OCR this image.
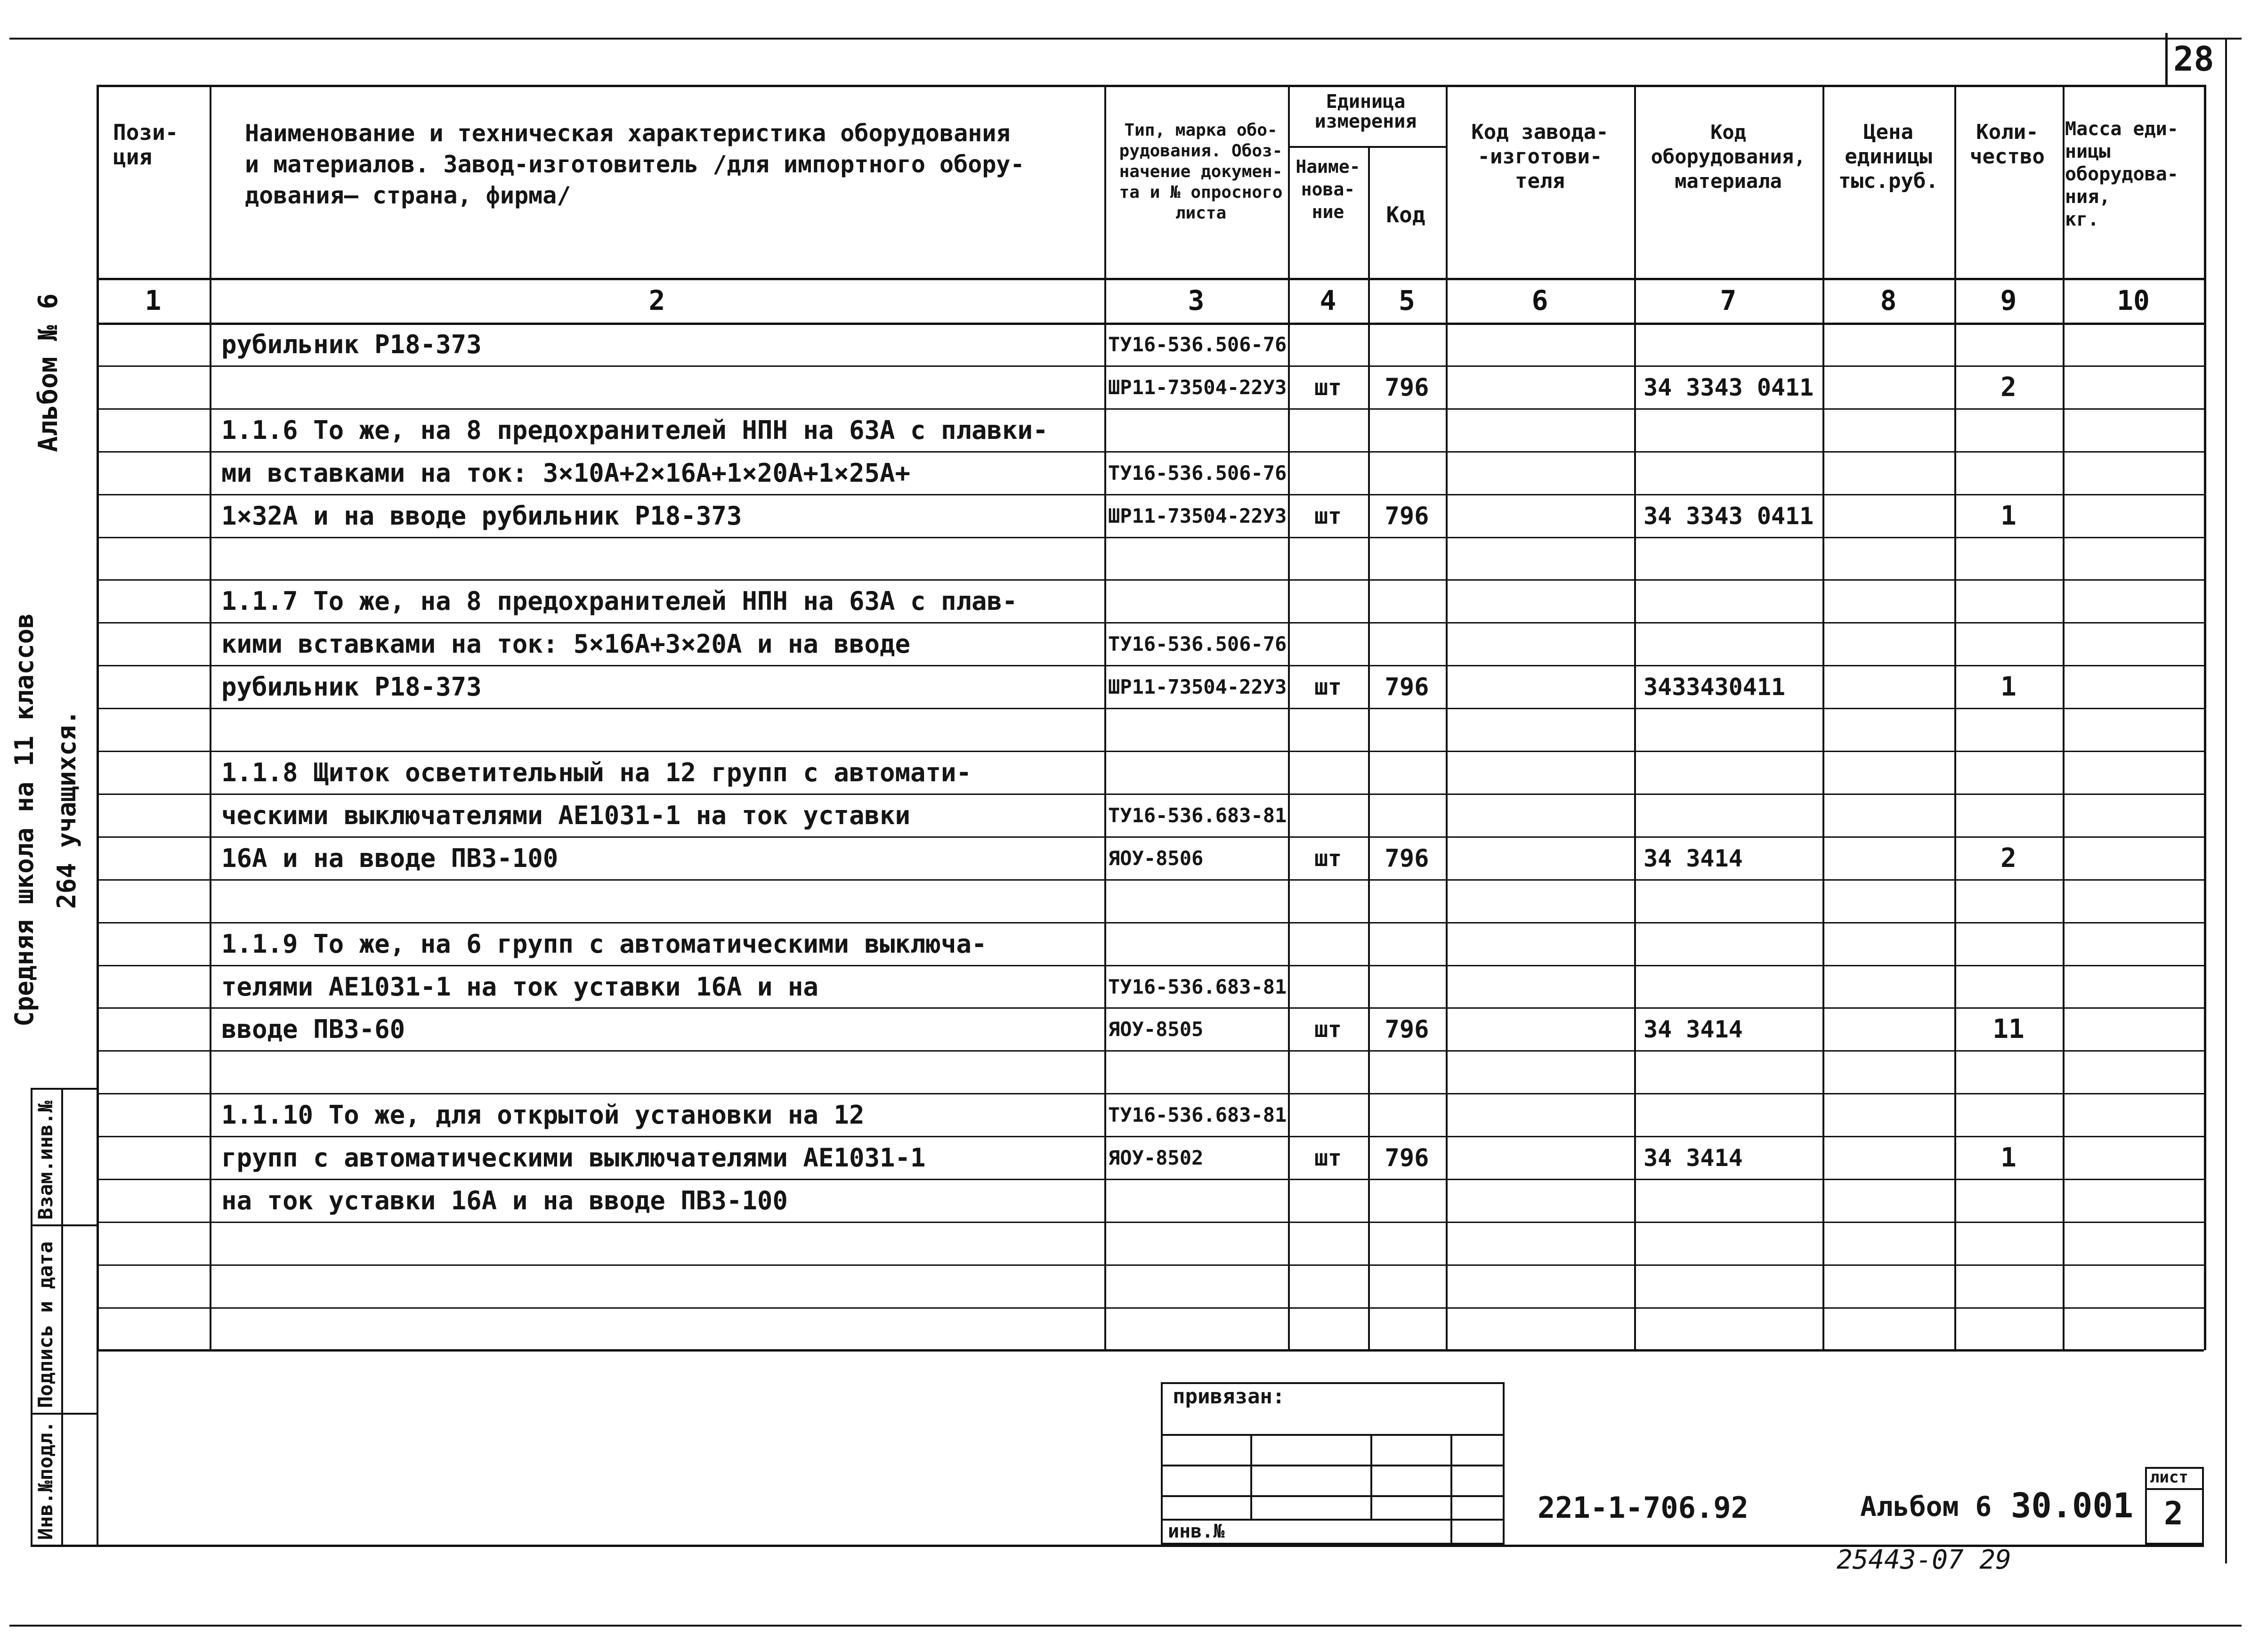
28
Альбом № 6
Средняя школа на 11 классов 264 учащихся.
Взам.инв.№
Подпись и дата
Инв.№подл.
Пози-
ция
Наименование и техническая характеристика оборудования
и материалов. Завод-изготовитель /для импортного обору-
дования– страна, фирма/
Тип, марка обо-
рудования. Обоз-
начение докумен-
та и № опросного
листа
Единица
измерения
Наиме-
нова-
ние	Код
Код завода-
-изготови-
теля
Код
оборудования,
материала
Цена
единицы
тыс.руб.
Коли-
чество
Масса еди-
ницы
оборудова-
ния,
кг.
1	2	3	4	5	6	7	8	9	10
рубильник Р18-373	ТУ16-536.506-76
ШР11-73504-22У3	шт	796	34 3343 0411	2
1.1.6 То же, на 8 предохранителей НПН на 63А с плавки-
ми вставками на ток: 3×10А+2×16А+1×20А+1×25А+	ТУ16-536.506-76
1×32А и на вводе рубильник Р18-373	ШР11-73504-22У3	шт	796	34 3343 0411	1
1.1.7 То же, на 8 предохранителей НПН на 63А с плав-
кими вставками на ток: 5×16А+3×20А и на вводе	ТУ16-536.506-76
рубильник Р18-373	ШР11-73504-22У3	шт	796	3433430411	1
1.1.8 Щиток осветительный на 12 групп с автомати-
ческими выключателями АЕ1031-1 на ток уставки	ТУ16-536.683-81
16А и на вводе ПВЗ-100	ЯОУ-8506	шт	796	34 3414	2
1.1.9 То же, на 6 групп с автоматическими выключа-
телями АЕ1031-1 на ток уставки 16А и на	ТУ16-536.683-81
вводе ПВЗ-60	ЯОУ-8505	шт	796	34 3414	11
1.1.10 То же, для открытой установки на 12	ТУ16-536.683-81
групп с автоматическими выключателями АЕ1031-1	ЯОУ-8502	шт	796	34 3414	1
на ток уставки 16А и на вводе ПВЗ-100
привязан:
инв.№
221-1-706.92	Альбом 6 30.001
лист
2
25443-07 29
